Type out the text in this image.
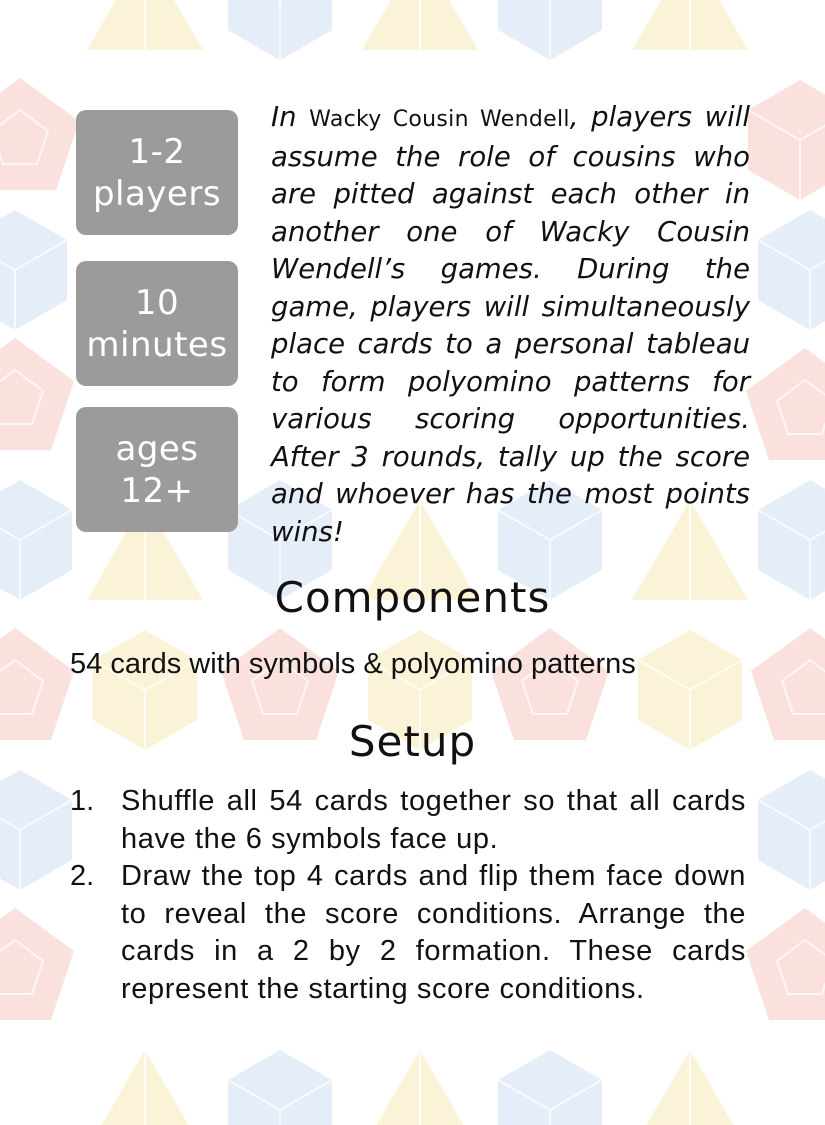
1-2
players
10
minutes
ages
12+

In Wacky Cousin Wendell, players will assume the role of cousins who are pitted against each other in another one of Wacky Cousin Wendell’s games. During the game, players will simultaneously place cards to a personal tableau to form polyomino patterns for various scoring opportunities. After 3 rounds, tally up the score and whoever has the most points wins!

Components

54 cards with symbols & polyomino patterns

Setup
1. Shuffle all 54 cards together so that all cards have the 6 symbols face up.
2. Draw the top 4 cards and flip them face down to reveal the score conditions. Arrange the cards in a 2 by 2 formation. These cards represent the starting score conditions.
